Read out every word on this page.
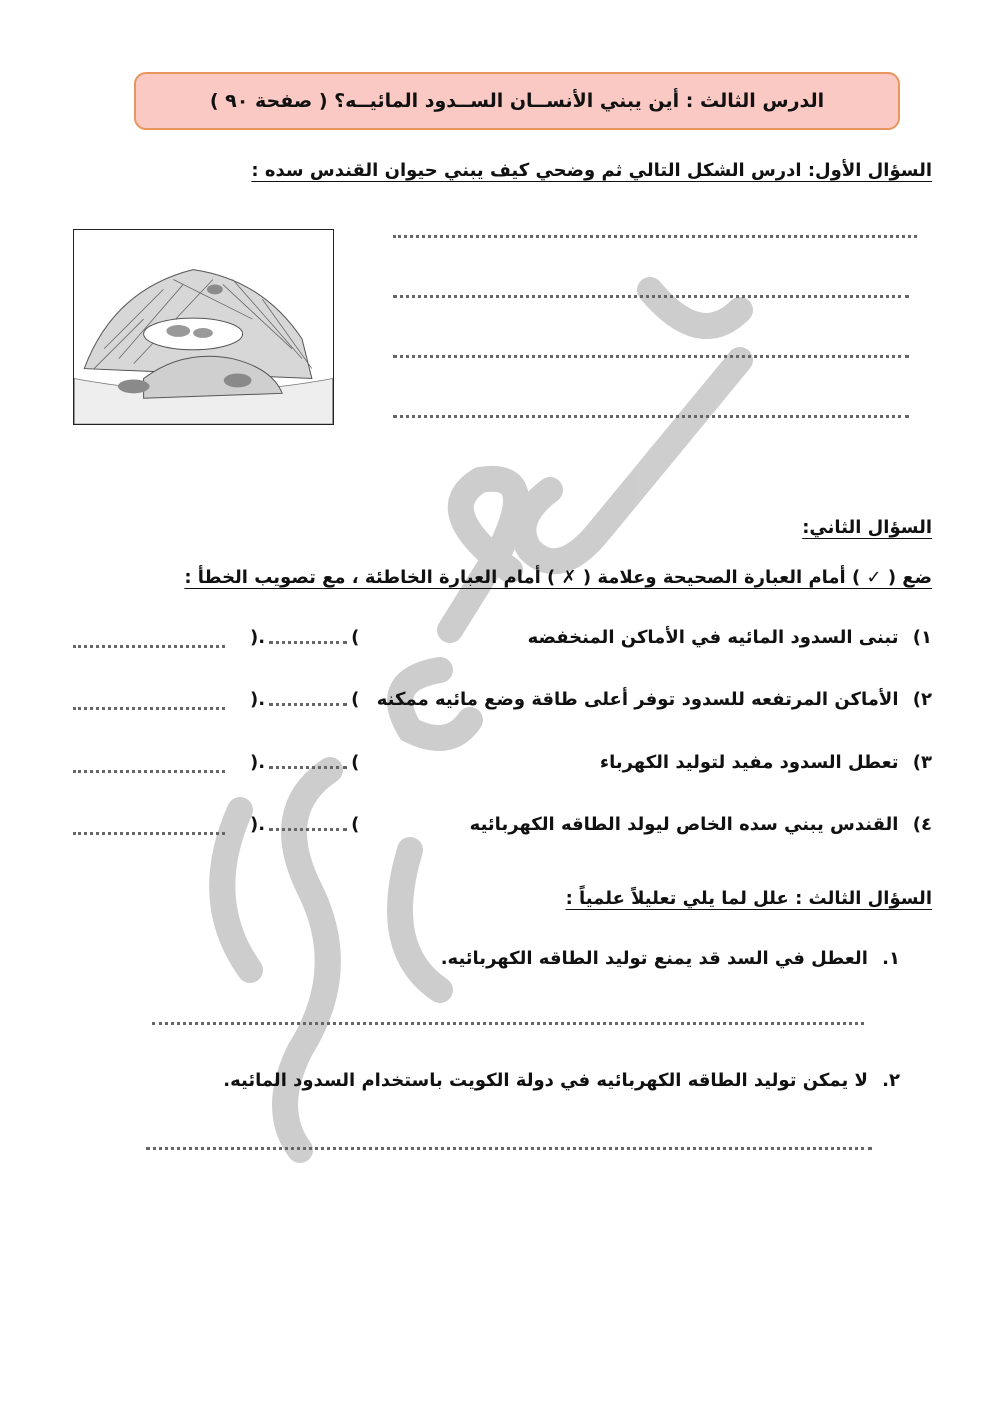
الدرس الثالث : أين يبني الأنســان الســدود المائيــه؟ ( صفحة ٩٠ )
السؤال الأول: ادرس الشكل التالي ثم وضحي كيف يبني حيوان القندس سده :
السؤال الثاني:
ضع ( ✓ ) أمام العبارة الصحيحة وعلامة ( ✗ ) أمام العبارة الخاطئة ، مع تصويب الخطأ :
١) تبنى السدود المائيه في الأماكن المنخفضه
).	(
٢) الأماكن المرتفعه للسدود توفر أعلى طاقة وضع مائيه ممكنه
).	(
٣) تعطل السدود مفيد لتوليد الكهرباء
).	(
٤) القندس يبني سده الخاص ليولد الطاقه الكهربائيه
).	(
السؤال الثالث : علل لما يلي تعليلاً علمياً :
١. العطل في السد قد يمنع توليد الطاقه الكهربائيه.
٢. لا يمكن توليد الطاقه الكهربائيه في دولة الكويت باستخدام السدود المائيه.
